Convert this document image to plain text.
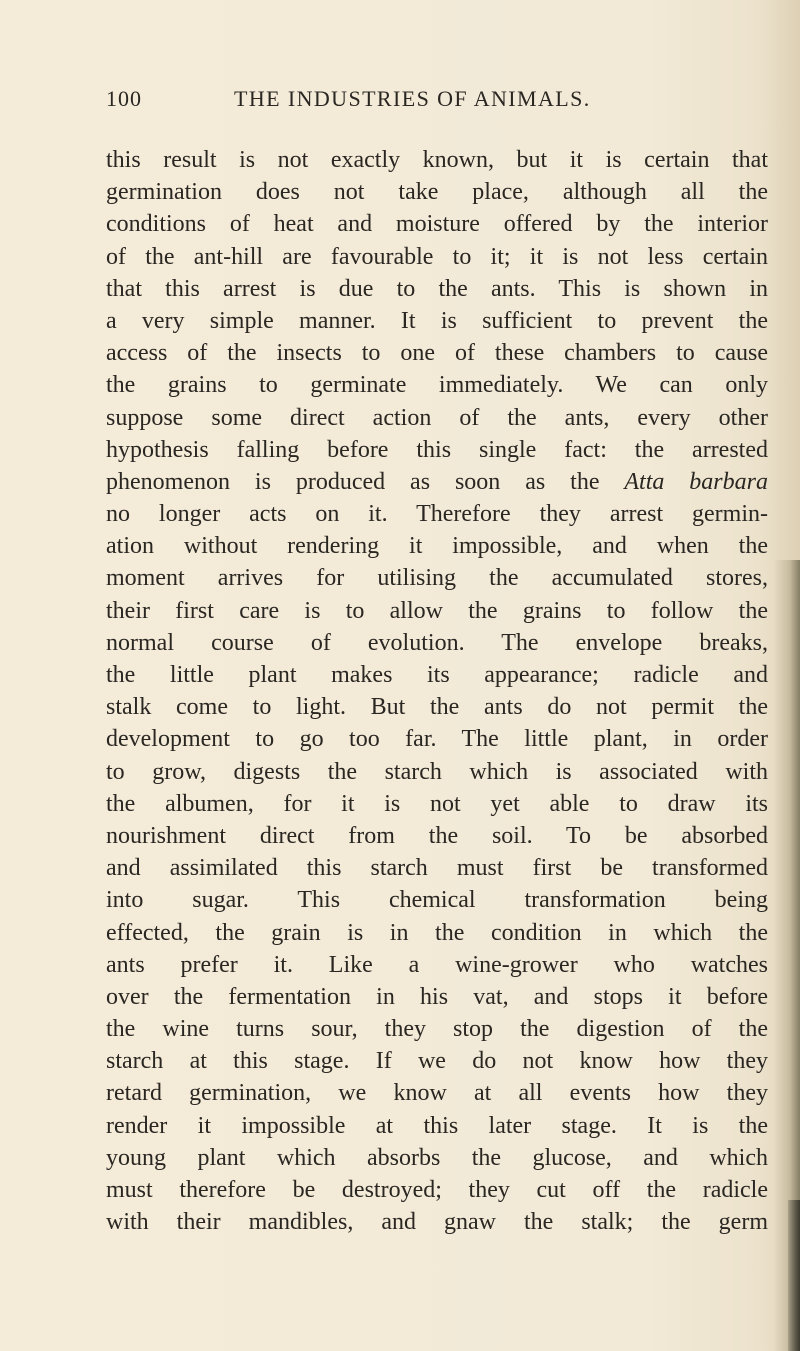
100	THE INDUSTRIES OF ANIMALS.
this result is not exactly known, but it is certain that
germination does not take place, although all the
conditions of heat and moisture offered by the interior
of the ant-hill are favourable to it; it is not less certain
that this arrest is due to the ants. This is shown in
a very simple manner. It is sufficient to prevent the
access of the insects to one of these chambers to cause
the grains to germinate immediately. We can only
suppose some direct action of the ants, every other
hypothesis falling before this single fact: the arrested
phenomenon is produced as soon as the Atta barbara
no longer acts on it. Therefore they arrest germin-
ation without rendering it impossible, and when the
moment arrives for utilising the accumulated stores,
their first care is to allow the grains to follow the
normal course of evolution. The envelope breaks,
the little plant makes its appearance; radicle and
stalk come to light. But the ants do not permit the
development to go too far. The little plant, in order
to grow, digests the starch which is associated with
the albumen, for it is not yet able to draw its
nourishment direct from the soil. To be absorbed
and assimilated this starch must first be transformed
into sugar. This chemical transformation being
effected, the grain is in the condition in which the
ants prefer it. Like a wine-grower who watches
over the fermentation in his vat, and stops it before
the wine turns sour, they stop the digestion of the
starch at this stage. If we do not know how they
retard germination, we know at all events how they
render it impossible at this later stage. It is the
young plant which absorbs the glucose, and which
must therefore be destroyed; they cut off the radicle
with their mandibles, and gnaw the stalk; the germ
